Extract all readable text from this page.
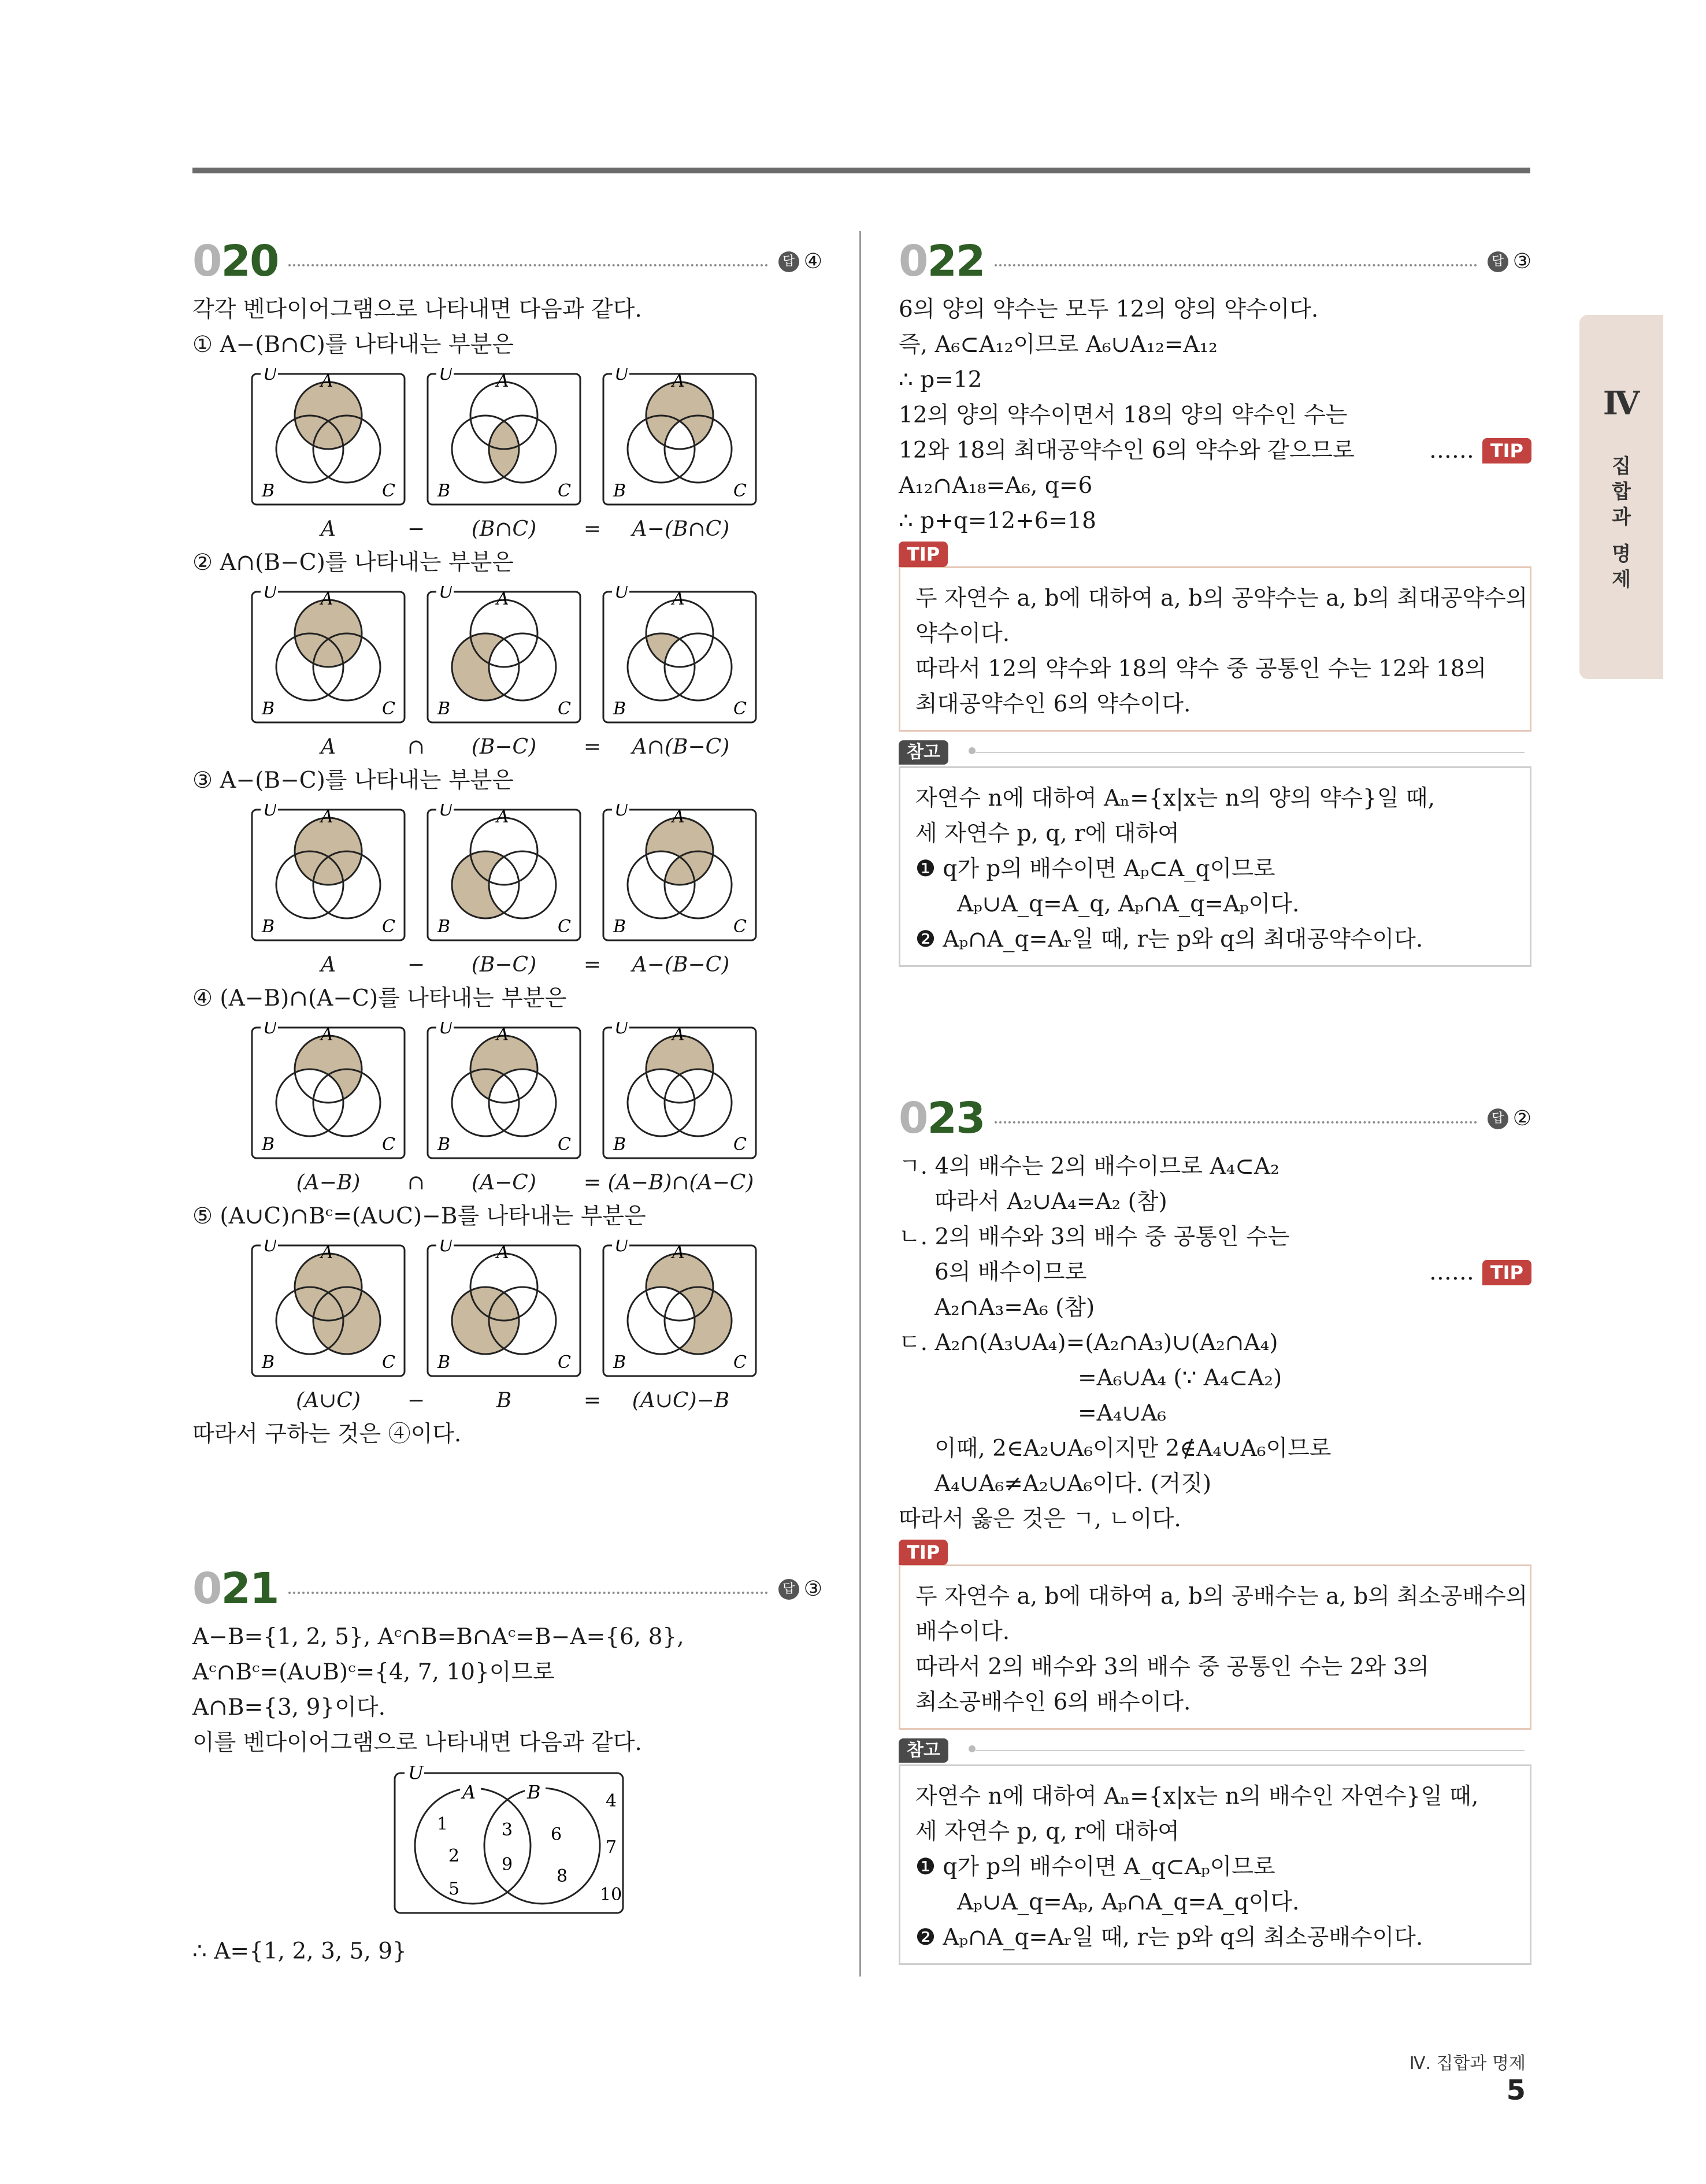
020	답 ④
각각 벤다이어그램으로 나타내면 다음과 같다.
① A−(B∩C)를 나타내는 부분은
U A
B	C
U A
B	C
U A
B	C
A	−	(B∩C)	=	A−(B∩C)
② A∩(B−C)를 나타내는 부분은
U A
B	C
U A
B	C
U A
B	C
A	∩	(B−C)	=	A∩(B−C)
③ A−(B−C)를 나타내는 부분은
U A
B	C
U A
B	C
U A
B	C
A	−	(B−C)	=	A−(B−C)
④ (A−B)∩(A−C)를 나타내는 부분은
U A
B	C
U A
B	C
U A
B	C
(A−B)	∩	(A−C)	= (A−B)∩(A−C)
⑤ (A∪C)∩Bᶜ=(A∪C)−B를 나타내는 부분은
U A
B	C
U A
B	C
U A
B	C
(A∪C)	−	B	=	(A∪C)−B
따라서 구하는 것은 ④이다.
021	답 ③
A−B={1, 2, 5}, Aᶜ∩B=B∩Aᶜ=B−A={6, 8},
Aᶜ∩Bᶜ=(A∪B)ᶜ={4, 7, 10}이므로
A∩B={3, 9}이다.
이를 벤다이어그램으로 나타내면 다음과 같다.
U
A	B
1
2
5
3
9
6
8
4
7
10
∴ A={1, 2, 3, 5, 9}
022	답 ③
6의 양의 약수는 모두 12의 양의 약수이다.
즉, A₆⊂A₁₂이므로 A₆∪A₁₂=A₁₂
∴ p=12
12의 양의 약수이면서 18의 양의 약수인 수는
12와 18의 최대공약수인 6의 약수와 같으므로	…… TIP
A₁₂∩A₁₈=A₆, q=6
∴ p+q=12+6=18
TIP
두 자연수 a, b에 대하여 a, b의 공약수는 a, b의 최대공약수의
약수이다.
따라서 12의 약수와 18의 약수 중 공통인 수는 12와 18의
최대공약수인 6의 약수이다.
참고
자연수 n에 대하여 Aₙ={x|x는 n의 양의 약수}일 때,
세 자연수 p, q, r에 대하여
❶ q가 p의 배수이면 Aₚ⊂A_q이므로
Aₚ∪A_q=A_q, Aₚ∩A_q=Aₚ이다.
❷ Aₚ∩A_q=Aᵣ일 때, r는 p와 q의 최대공약수이다.
023	답 ②
ㄱ. 4의 배수는 2의 배수이므로 A₄⊂A₂
따라서 A₂∪A₄=A₂ (참)
ㄴ. 2의 배수와 3의 배수 중 공통인 수는
6의 배수이므로	…… TIP
A₂∩A₃=A₆ (참)
ㄷ. A₂∩(A₃∪A₄)=(A₂∩A₃)∪(A₂∩A₄)
=A₆∪A₄ (∵ A₄⊂A₂)
=A₄∪A₆
이때, 2∈A₂∪A₆이지만 2∉A₄∪A₆이므로
A₄∪A₆≠A₂∪A₆이다. (거짓)
따라서 옳은 것은 ㄱ, ㄴ이다.
TIP
두 자연수 a, b에 대하여 a, b의 공배수는 a, b의 최소공배수의
배수이다.
따라서 2의 배수와 3의 배수 중 공통인 수는 2와 3의
최소공배수인 6의 배수이다.
참고
자연수 n에 대하여 Aₙ={x|x는 n의 배수인 자연수}일 때,
세 자연수 p, q, r에 대하여
❶ q가 p의 배수이면 A_q⊂Aₚ이므로
Aₚ∪A_q=Aₚ, Aₚ∩A_q=A_q이다.
❷ Aₚ∩A_q=Aᵣ일 때, r는 p와 q의 최소공배수이다.
Ⅳ
집
합
과
명
제
Ⅳ. 집합과 명제 5
